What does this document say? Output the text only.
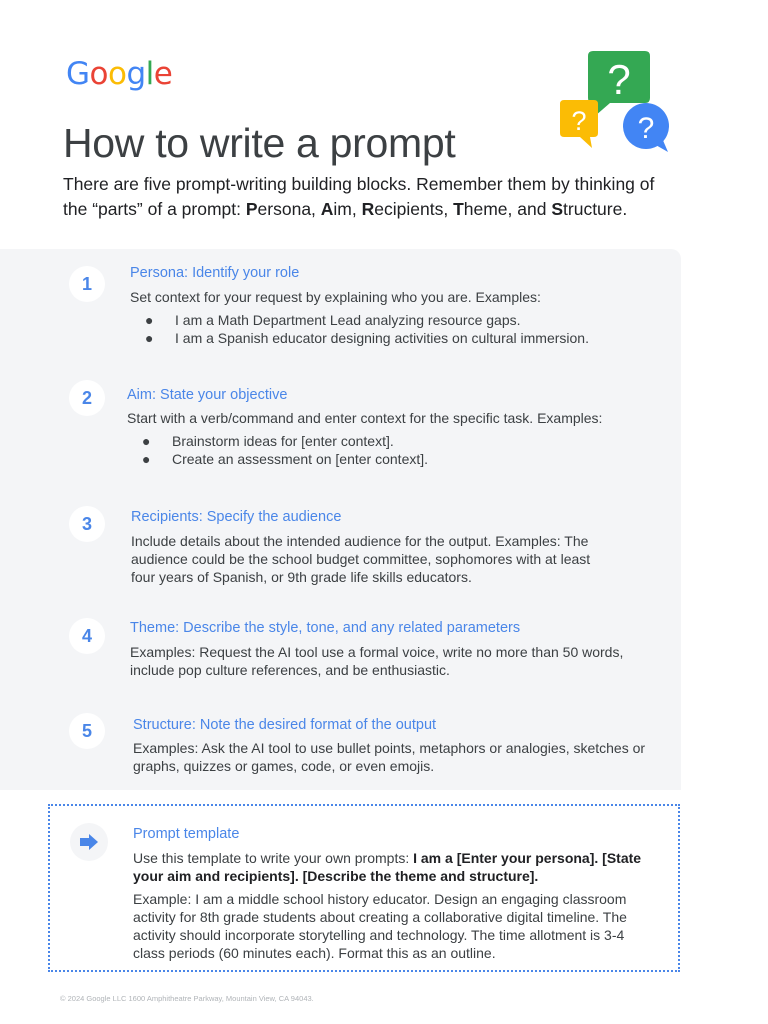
Google	?
? ?
How to write a prompt
There are five prompt-writing building blocks. Remember them by thinking of the “parts” of a prompt: Persona, Aim, Recipients, Theme, and Structure.
1
Persona: Identify your role
Set context for your request by explaining who you are. Examples:
● I am a Math Department Lead analyzing resource gaps.
● I am a Spanish educator designing activities on cultural immersion.
2	Aim: State your objective
Start with a verb/command and enter context for the specific task. Examples:
● Brainstorm ideas for [enter context].
● Create an assessment on [enter context].
3	Recipients: Specify the audience
Include details about the intended audience for the output. Examples: The audience could be the school budget committee, sophomores with at least four years of Spanish, or 9th grade life skills educators.
4	Theme: Describe the style, tone, and any related parameters
Examples: Request the AI tool use a formal voice, write no more than 50 words, include pop culture references, and be enthusiastic.
5	Structure: Note the desired format of the output
Examples: Ask the AI tool to use bullet points, metaphors or analogies, sketches or graphs, quizzes or games, code, or even emojis.
Prompt template
Use this template to write your own prompts: I am a [Enter your persona]. [State your aim and recipients]. [Describe the theme and structure].
Example: I am a middle school history educator. Design an engaging classroom activity for 8th grade students about creating a collaborative digital timeline. The activity should incorporate storytelling and technology. The time allotment is 3-4 class periods (60 minutes each). Format this as an outline.
© 2024 Google LLC 1600 Amphitheatre Parkway, Mountain View, CA 94043.
